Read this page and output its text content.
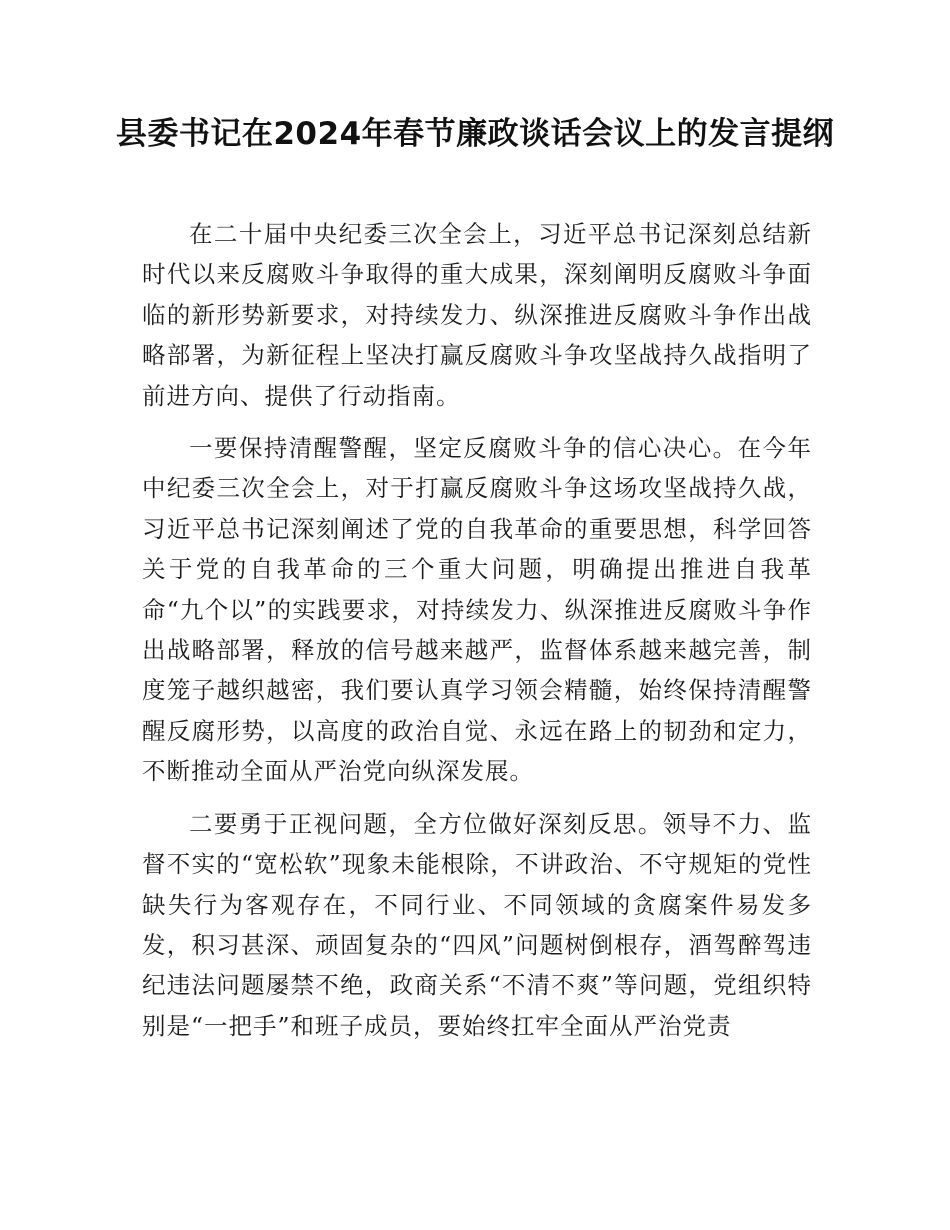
县委书记在2024年春节廉政谈话会议上的发言提纲

在二十届中央纪委三次全会上，习近平总书记深刻总结新时代以来反腐败斗争取得的重大成果，深刻阐明反腐败斗争面临的新形势新要求，对持续发力、纵深推进反腐败斗争作出战略部署，为新征程上坚决打赢反腐败斗争攻坚战持久战指明了前进方向、提供了行动指南。

一要保持清醒警醒，坚定反腐败斗争的信心决心。在今年中纪委三次全会上，对于打赢反腐败斗争这场攻坚战持久战，习近平总书记深刻阐述了党的自我革命的重要思想，科学回答关于党的自我革命的三个重大问题，明确提出推进自我革命“九个以”的实践要求，对持续发力、纵深推进反腐败斗争作出战略部署，释放的信号越来越严，监督体系越来越完善，制度笼子越织越密，我们要认真学习领会精髓，始终保持清醒警醒反腐形势，以高度的政治自觉、永远在路上的韧劲和定力，不断推动全面从严治党向纵深发展。

二要勇于正视问题，全方位做好深刻反思。领导不力、监督不实的“宽松软”现象未能根除，不讲政治、不守规矩的党性缺失行为客观存在，不同行业、不同领域的贪腐案件易发多发，积习甚深、顽固复杂的“四风”问题树倒根存，酒驾醉驾违纪违法问题屡禁不绝，政商关系“不清不爽”等问题，党组织特别是“一把手”和班子成员，要始终扛牢全面从严治党责
